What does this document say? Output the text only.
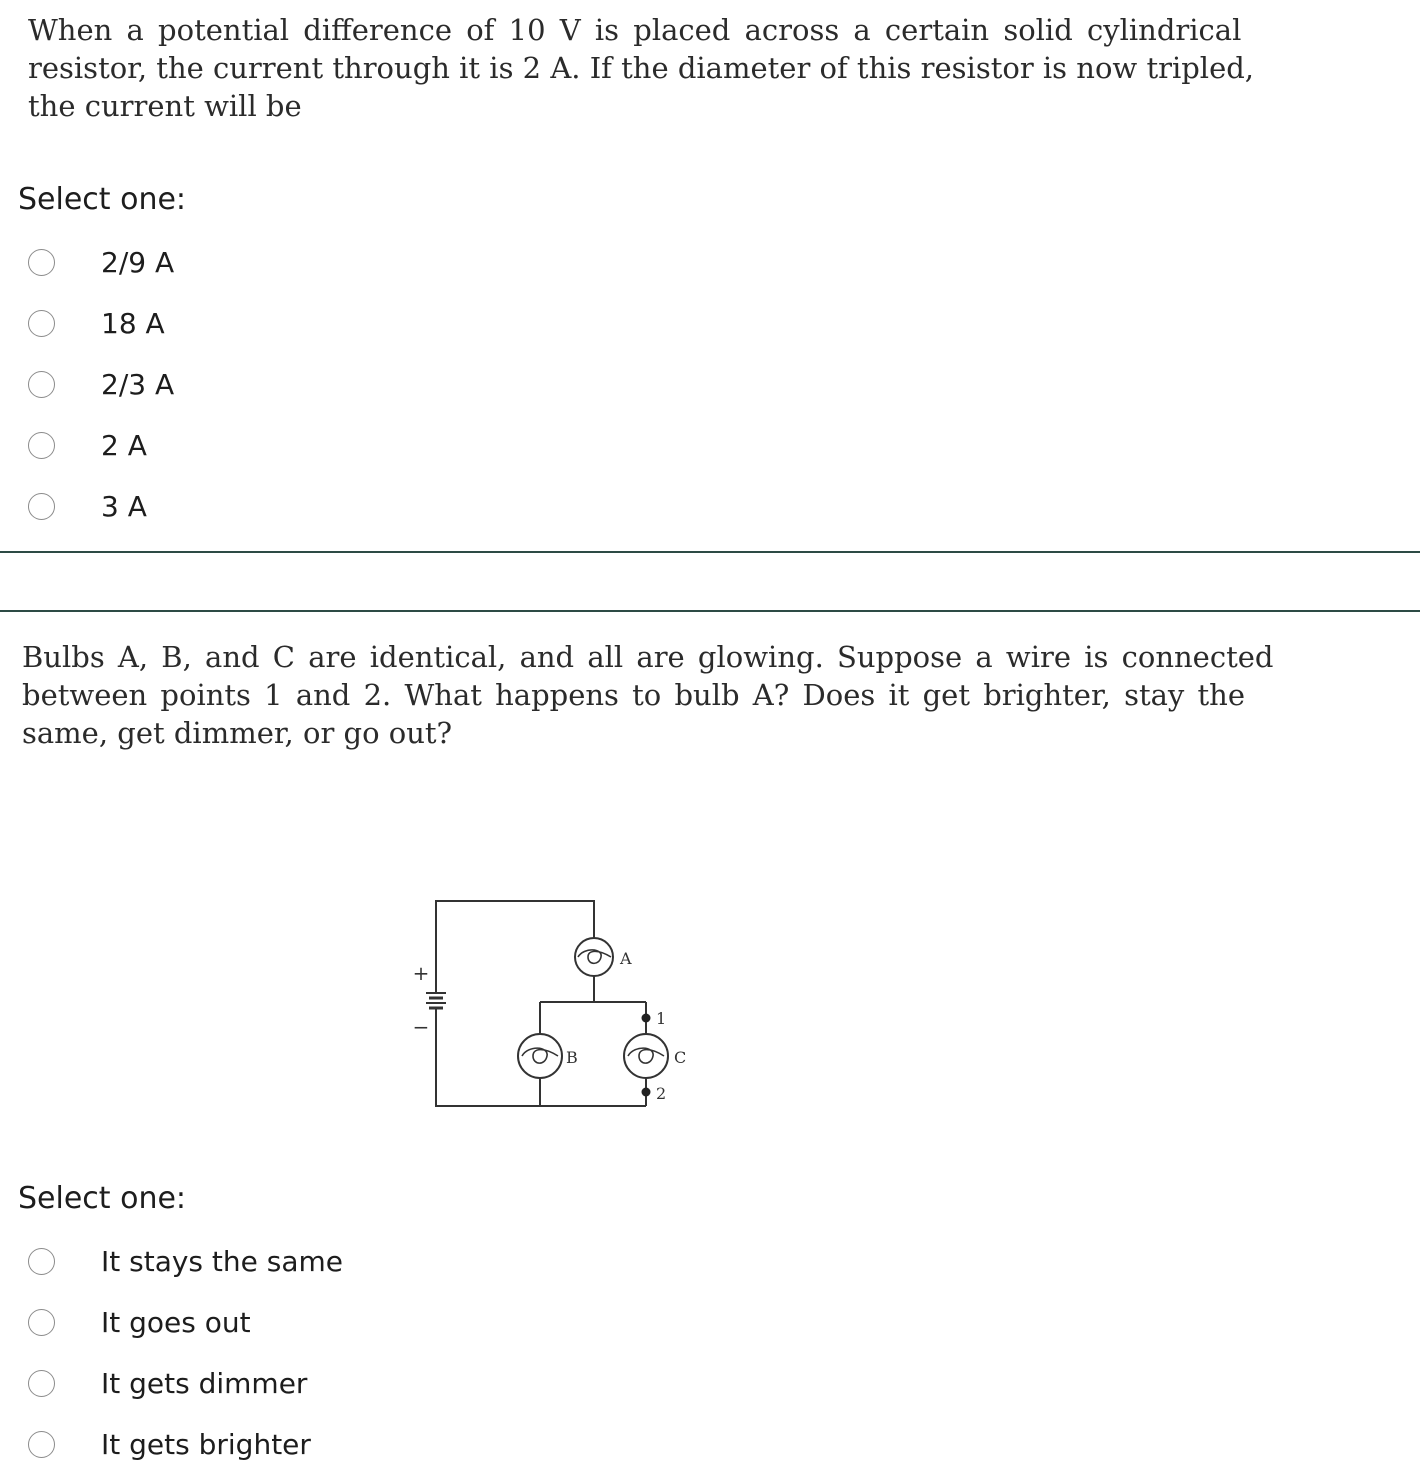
When a potential difference of 10 V is placed across a certain solid cylindrical
resistor, the current through it is 2 A. If the diameter of this resistor is now tripled,
the current will be
Select one:
2/9 A
18 A
2/3 A
2 A
3 A
Bulbs A, B, and C are identical, and all are glowing. Suppose a wire is connected
between points 1 and 2. What happens to bulb A? Does it get brighter, stay the
same, get dimmer, or go out?
+
−
A
B	C
1
2
Select one:
It stays the same
It goes out
It gets dimmer
It gets brighter
